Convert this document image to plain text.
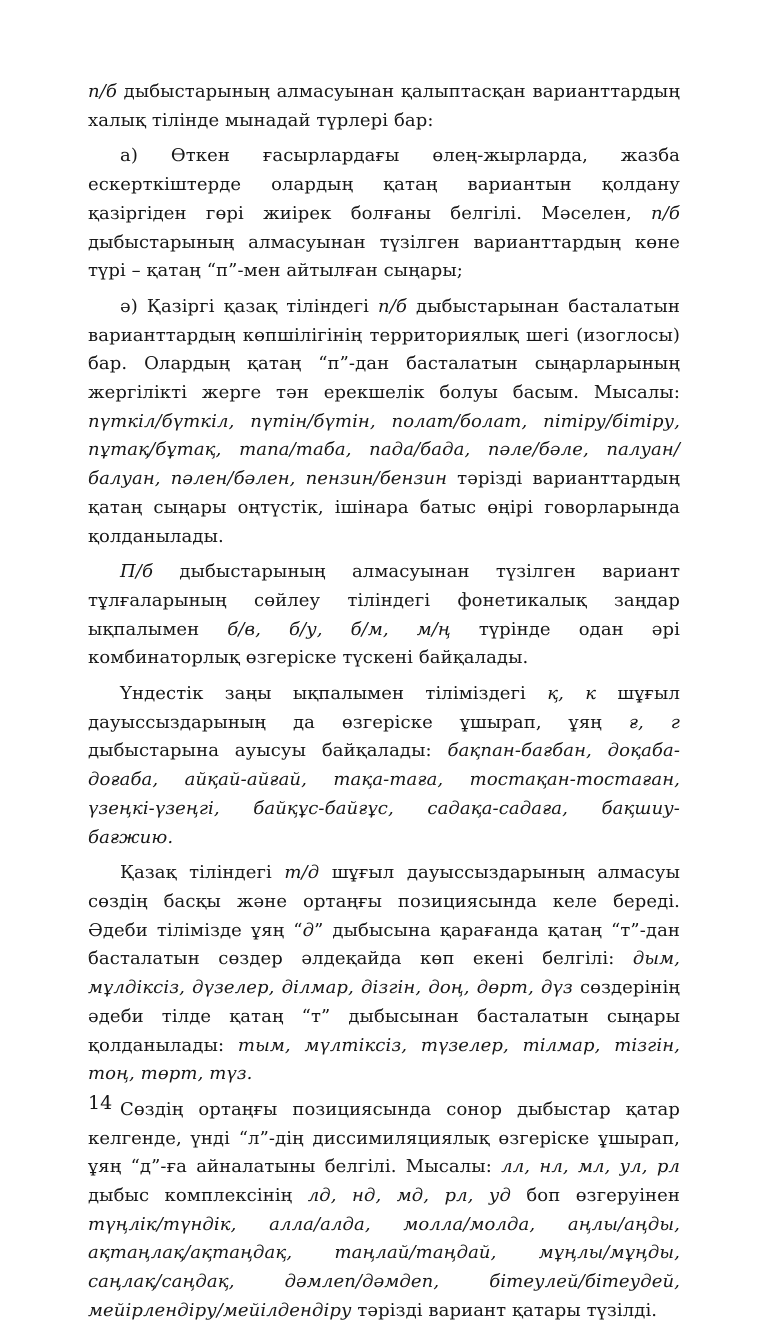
п/б дыбыстарының алмасуынан қалыптасқан варианттардың халық тілінде мынадай түрлері бар:

а) Өткен ғасырлардағы өлең-жырларда, жазба ескерткіштерде олардың қатаң вариантын қолдану қазіргіден гөрі жиірек болғаны белгілі. Мәселен, п/б дыбыстарының алмасуынан түзілген варианттардың көне түрі – қатаң “п”-мен айтылған сыңары;

ә) Қазіргі қазақ тіліндегі п/б дыбыстарынан басталатын варианттардың көпшілігінің территориялық шегі (изоглосы) бар. Олардың қатаң “п”-дан басталатын сыңарларының жергілікті жерге тән ерекшелік болуы басым. Мысалы: пүткіл/бүткіл, пүтін/бүтін, полат/болат, пітіру/бітіру, пұтақ/бұтақ, тапа/таба, пада/бада, пәле/бәле, палуан/балуан, пәлен/бәлен, пензин/бензин тәрізді варианттардың қатаң сыңары оңтүстік, ішінара батыс өңірі говорларында қолданылады.

П/б дыбыстарының алмасуынан түзілген вариант тұлғаларының сөйлеу тіліндегі фонетикалық заңдар ықпалымен б/в, б/у, б/м, м/ң түрінде одан әрі комбинаторлық өзгеріске түскені байқалады.

Үндестік заңы ықпалымен тіліміздегі қ, к шұғыл дауыссыздарының да өзгеріске ұшырап, ұяң ғ, г дыбыстарына ауысуы байқалады: бақпан-бағбан, доқаба-доғаба, айқай-айғай, тақа-таға, тостақан-тостаған, үзеңкі-үзеңгі, байқұс-байғұс, садақа-садаға, бақшиу-бағжию.

Қазақ тіліндегі т/д шұғыл дауыссыздарының алмасуы сөздің басқы және ортаңғы позициясында келе береді. Әдеби тілімізде ұяң “д” дыбысына қарағанда қатаң “т”-дан басталатын сөздер әлдеқайда көп екені белгілі: дым, мұлдіксіз, дүзелер, ділмар, дізгін, доң, дөрт, дүз сөздерінің әдеби тілде қатаң “т” дыбысынан басталатын сыңары қолданылады: тым, мүлтіксіз, түзелер, тілмар, тізгін, тоң, төрт, түз.

Сөздің ортаңғы позициясында сонор дыбыстар қатар келгенде, үнді “л”-дің диссимиляциялық өзгеріске ұшырап, ұяң “д”-ға айналатыны белгілі. Мысалы: лл, нл, мл, ул, рл дыбыс комплексінің лд, нд, мд, рл, уд боп өзгеруінен түңлік/түндік, алла/алда, молла/молда, аңлы/аңды, ақтаңлақ/ақтаңдақ, таңлай/таңдай, мұңлы/мұңды, саңлақ/саңдақ, дәмлеп/дәмдеп, бітеулей/бітеудей, мейірлендіру/мейілдендіру тәрізді вариант қатары түзілді.

14
